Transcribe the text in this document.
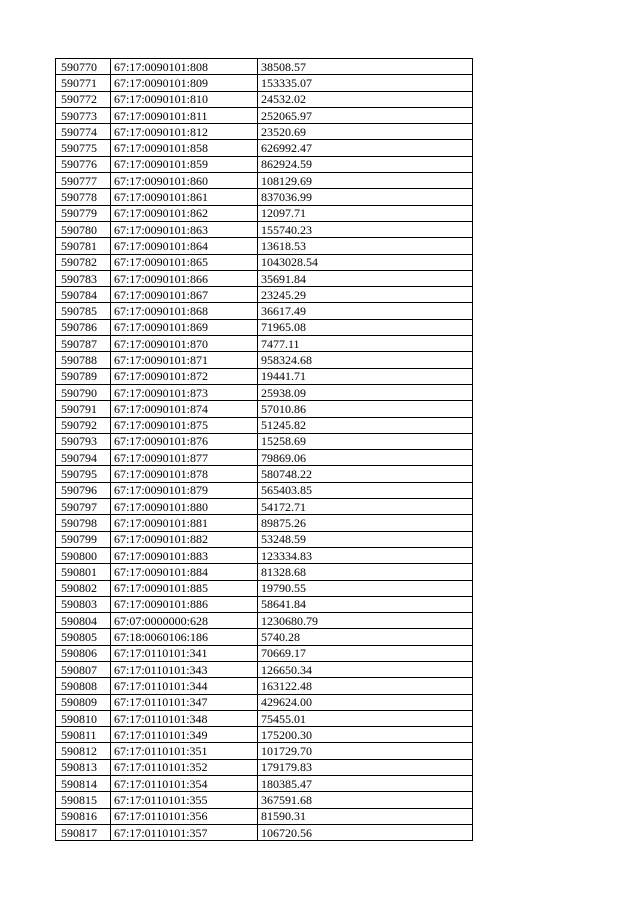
590770	67:17:0090101:808	38508.57
590771	67:17:0090101:809	153335.07
590772	67:17:0090101:810	24532.02
590773	67:17:0090101:811	252065.97
590774	67:17:0090101:812	23520.69
590775	67:17:0090101:858	626992.47
590776	67:17:0090101:859	862924.59
590777	67:17:0090101:860	108129.69
590778	67:17:0090101:861	837036.99
590779	67:17:0090101:862	12097.71
590780	67:17:0090101:863	155740.23
590781	67:17:0090101:864	13618.53
590782	67:17:0090101:865	1043028.54
590783	67:17:0090101:866	35691.84
590784	67:17:0090101:867	23245.29
590785	67:17:0090101:868	36617.49
590786	67:17:0090101:869	71965.08
590787	67:17:0090101:870	7477.11
590788	67:17:0090101:871	958324.68
590789	67:17:0090101:872	19441.71
590790	67:17:0090101:873	25938.09
590791	67:17:0090101:874	57010.86
590792	67:17:0090101:875	51245.82
590793	67:17:0090101:876	15258.69
590794	67:17:0090101:877	79869.06
590795	67:17:0090101:878	580748.22
590796	67:17:0090101:879	565403.85
590797	67:17:0090101:880	54172.71
590798	67:17:0090101:881	89875.26
590799	67:17:0090101:882	53248.59
590800	67:17:0090101:883	123334.83
590801	67:17:0090101:884	81328.68
590802	67:17:0090101:885	19790.55
590803	67:17:0090101:886	58641.84
590804	67:07:0000000:628	1230680.79
590805	67:18:0060106:186	5740.28
590806	67:17:0110101:341	70669.17
590807	67:17:0110101:343	126650.34
590808	67:17:0110101:344	163122.48
590809	67:17:0110101:347	429624.00
590810	67:17:0110101:348	75455.01
590811	67:17:0110101:349	175200.30
590812	67:17:0110101:351	101729.70
590813	67:17:0110101:352	179179.83
590814	67:17:0110101:354	180385.47
590815	67:17:0110101:355	367591.68
590816	67:17:0110101:356	81590.31
590817	67:17:0110101:357	106720.56
